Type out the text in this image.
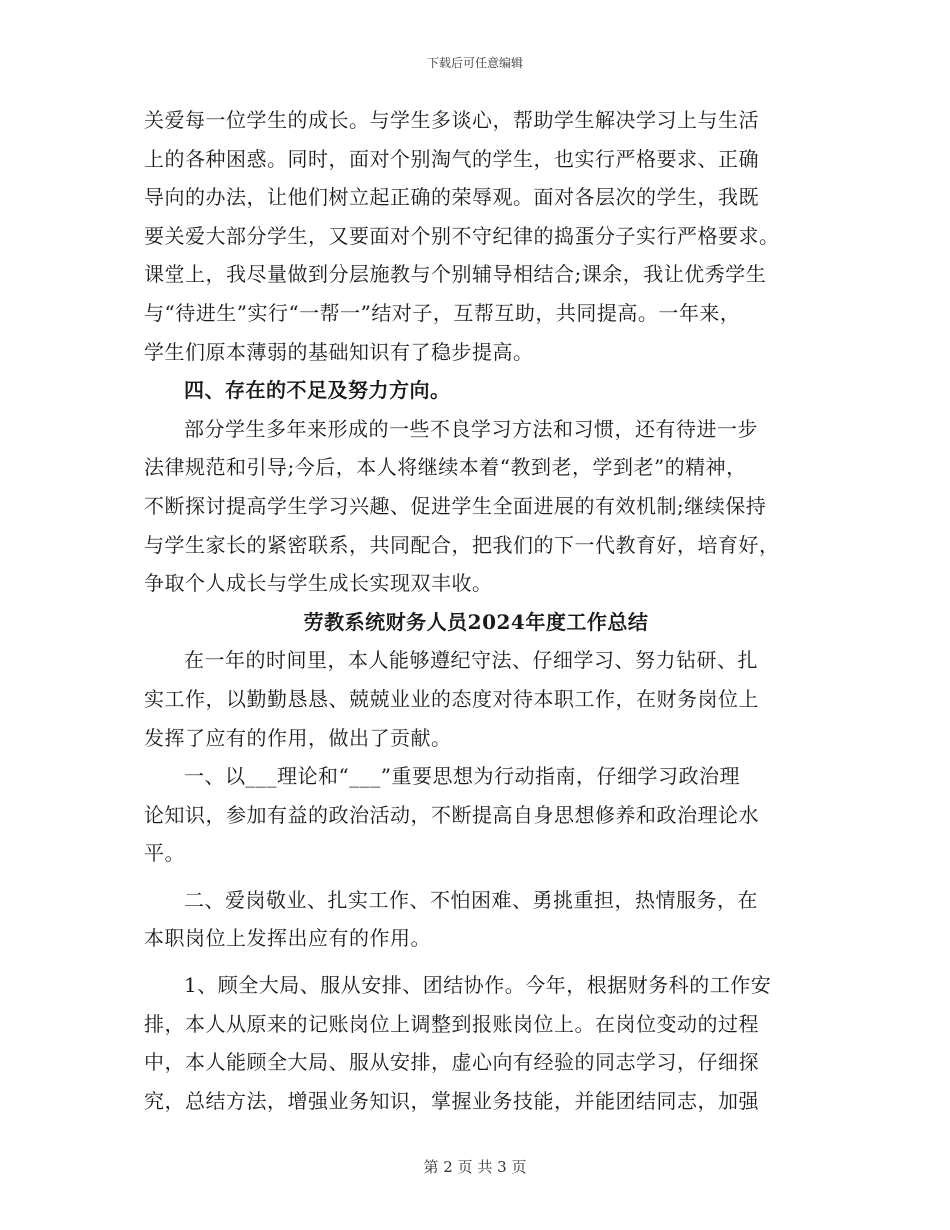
下载后可任意编辑
关爱每一位学生的成长。与学生多谈心，帮助学生解决学习上与生活
上的各种困惑。同时，面对个别淘气的学生，也实行严格要求、正确
导向的办法，让他们树立起正确的荣辱观。面对各层次的学生，我既
要关爱大部分学生，又要面对个别不守纪律的捣蛋分子实行严格要求。
课堂上，我尽量做到分层施教与个别辅导相结合;课余，我让优秀学生
与“待进生”实行“一帮一”结对子，互帮互助，共同提高。一年来，
学生们原本薄弱的基础知识有了稳步提高。
四、存在的不足及努力方向。
部分学生多年来形成的一些不良学习方法和习惯，还有待进一步
法律规范和引导;今后，本人将继续本着“教到老，学到老”的精神，
不断探讨提高学生学习兴趣、促进学生全面进展的有效机制;继续保持
与学生家长的紧密联系，共同配合，把我们的下一代教育好，培育好，
争取个人成长与学生成长实现双丰收。
劳教系统财务人员2024年度工作总结
在一年的时间里，本人能够遵纪守法、仔细学习、努力钻研、扎
实工作，以勤勤恳恳、兢兢业业的态度对待本职工作，在财务岗位上
发挥了应有的作用，做出了贡献。
一、以___理论和“___”重要思想为行动指南，仔细学习政治理
论知识，参加有益的政治活动，不断提高自身思想修养和政治理论水
平。
二、爱岗敬业、扎实工作、不怕困难、勇挑重担，热情服务，在
本职岗位上发挥出应有的作用。
1、顾全大局、服从安排、团结协作。今年，根据财务科的工作安
排，本人从原来的记账岗位上调整到报账岗位上。在岗位变动的过程
中，本人能顾全大局、服从安排，虚心向有经验的同志学习，仔细探
究，总结方法，增强业务知识，掌握业务技能，并能团结同志，加强
第 2 页 共 3 页
